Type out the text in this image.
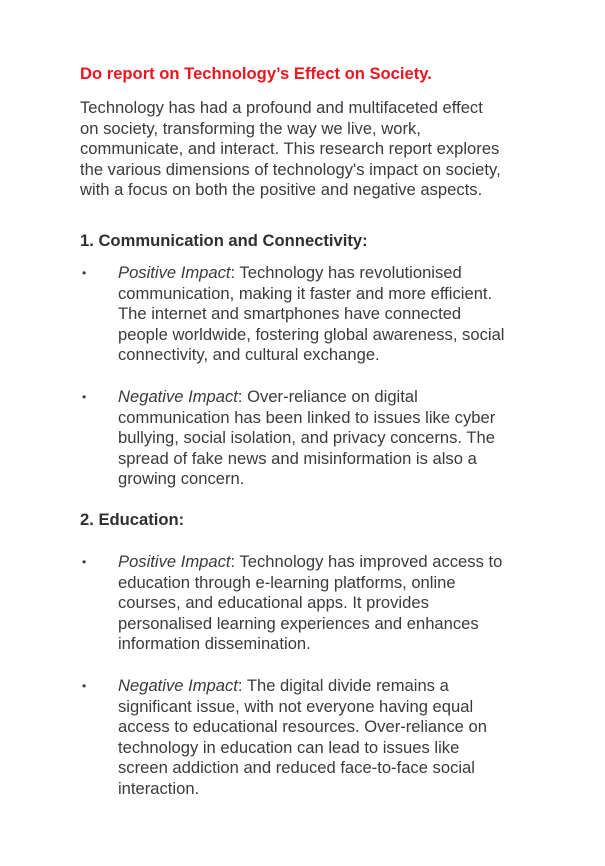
Do report on Technology’s Effect on Society.

Technology has had a profound and multifaceted effect
on society, transforming the way we live, work,
communicate, and interact. This research report explores
the various dimensions of technology's impact on society,
with a focus on both the positive and negative aspects.

1. Communication and Connectivity:
• Positive Impact: Technology has revolutionised
communication, making it faster and more efficient.
The internet and smartphones have connected
people worldwide, fostering global awareness, social
connectivity, and cultural exchange.

• Negative Impact: Over-reliance on digital
communication has been linked to issues like cyber
bullying, social isolation, and privacy concerns. The
spread of fake news and misinformation is also a
growing concern.

2. Education:
• Positive Impact: Technology has improved access to
education through e-learning platforms, online
courses, and educational apps. It provides
personalised learning experiences and enhances
information dissemination.

• Negative Impact: The digital divide remains a
significant issue, with not everyone having equal
access to educational resources. Over-reliance on
technology in education can lead to issues like
screen addiction and reduced face-to-face social
interaction.
